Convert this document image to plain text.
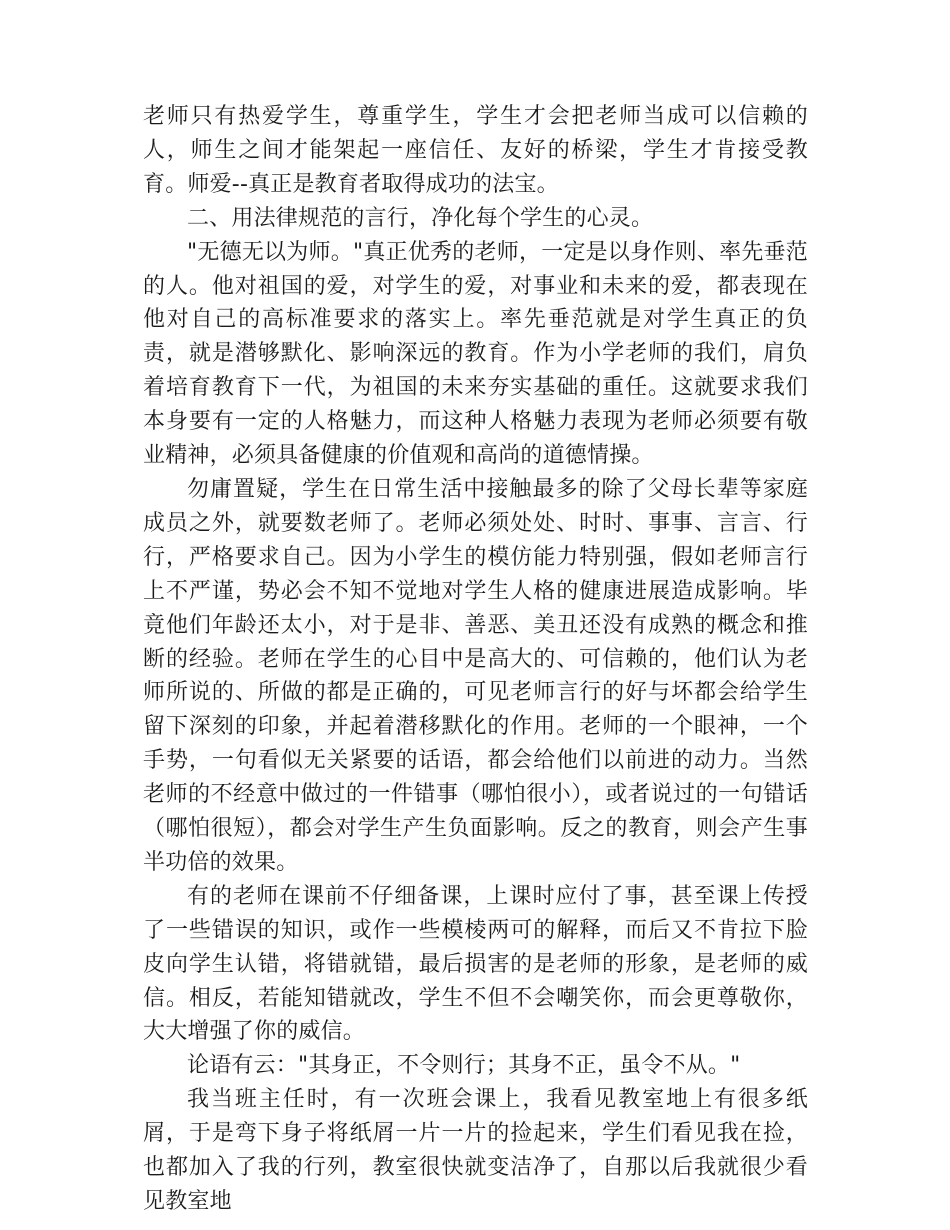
老师只有热爱学生，尊重学生，学生才会把老师当成可以信赖的人，师生之间才能架起一座信任、友好的桥梁，学生才肯接受教育。师爱--真正是教育者取得成功的法宝。

二、用法律规范的言行，净化每个学生的心灵。

"无德无以为师。"真正优秀的老师，一定是以身作则、率先垂范的人。他对祖国的爱，对学生的爱，对事业和未来的爱，都表现在他对自己的高标准要求的落实上。率先垂范就是对学生真正的负责，就是潜够默化、影响深远的教育。作为小学老师的我们，肩负着培育教育下一代，为祖国的未来夯实基础的重任。这就要求我们本身要有一定的人格魅力，而这种人格魅力表现为老师必须要有敬业精神，必须具备健康的价值观和高尚的道德情操。

勿庸置疑，学生在日常生活中接触最多的除了父母长辈等家庭成员之外，就要数老师了。老师必须处处、时时、事事、言言、行行，严格要求自己。因为小学生的模仿能力特别强，假如老师言行上不严谨，势必会不知不觉地对学生人格的健康进展造成影响。毕竟他们年龄还太小，对于是非、善恶、美丑还没有成熟的概念和推断的经验。老师在学生的心目中是高大的、可信赖的，他们认为老师所说的、所做的都是正确的，可见老师言行的好与坏都会给学生留下深刻的印象，并起着潜移默化的作用。老师的一个眼神，一个手势，一句看似无关紧要的话语，都会给他们以前进的动力。当然老师的不经意中做过的一件错事（哪怕很小），或者说过的一句错话（哪怕很短），都会对学生产生负面影响。反之的教育，则会产生事半功倍的效果。

有的老师在课前不仔细备课，上课时应付了事，甚至课上传授了一些错误的知识，或作一些模棱两可的解释，而后又不肯拉下脸皮向学生认错，将错就错，最后损害的是老师的形象，是老师的威信。相反，若能知错就改，学生不但不会嘲笑你，而会更尊敬你，大大增强了你的威信。

论语有云："其身正，不令则行；其身不正，虽令不从。"

我当班主任时，有一次班会课上，我看见教室地上有很多纸屑，于是弯下身子将纸屑一片一片的捡起来，学生们看见我在捡，也都加入了我的行列，教室很快就变洁净了，自那以后我就很少看见教室地
